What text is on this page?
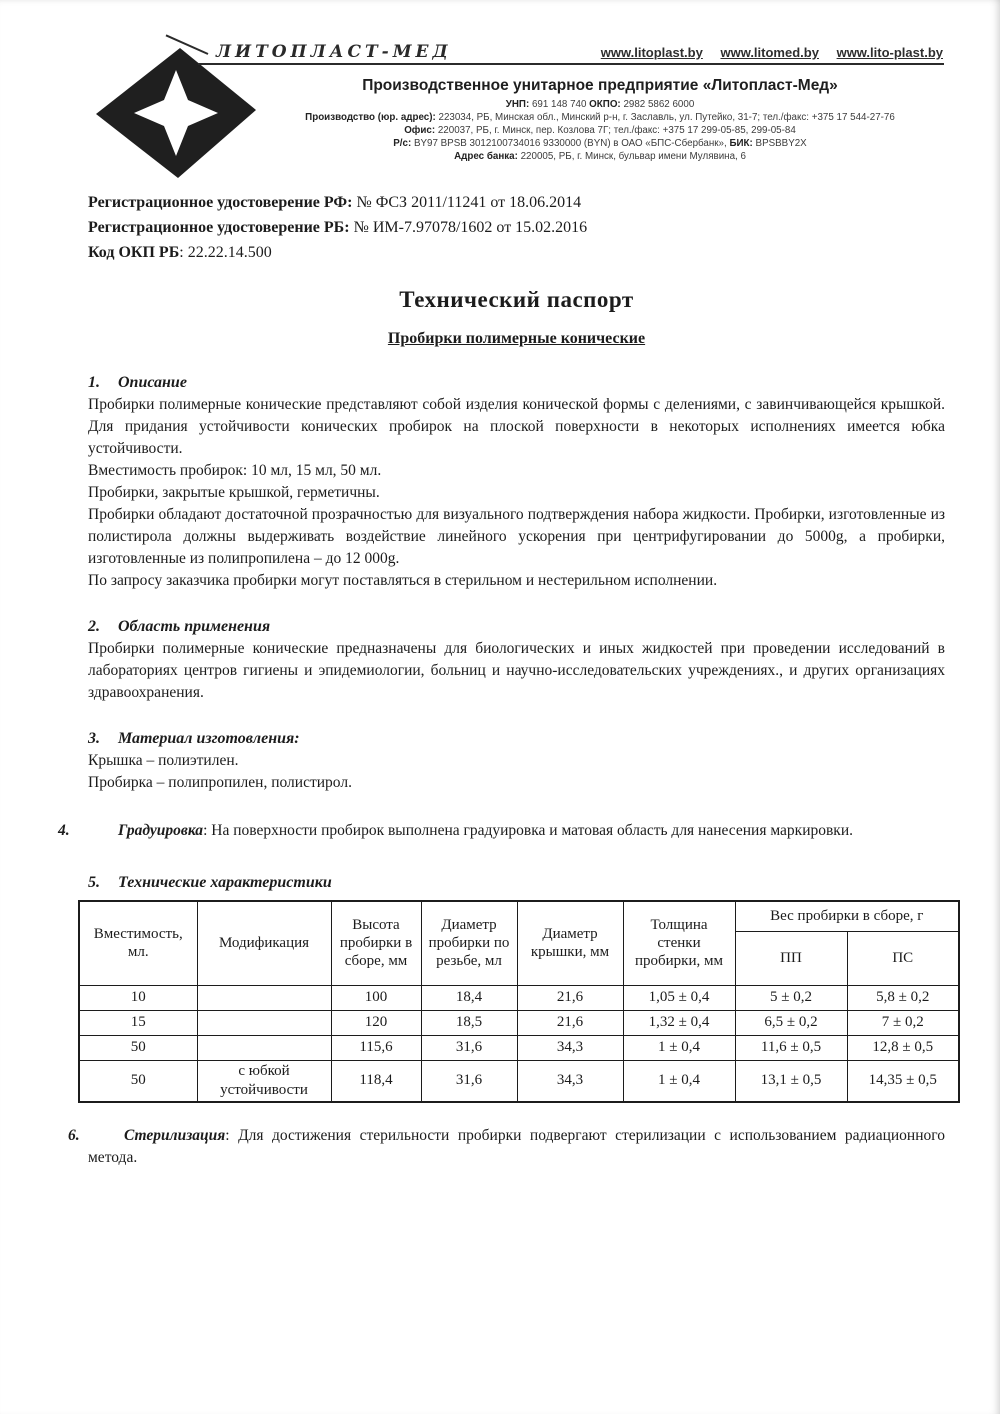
ЛИТОПЛАСТ-МЕД	www.litoplast.by www.litomed.by www.lito-plast.by
Производственное унитарное предприятие «Литопласт-Мед»
УНП: 691 148 740 ОКПО: 2982 5862 6000
Производство (юр. адрес): 223034, РБ, Минская обл., Минский р-н, г. Заславль, ул. Путейко, 31-7; тел./факс: +375 17 544-27-76
Офис: 220037, РБ, г. Минск, пер. Козлова 7Г; тел./факс: +375 17 299-05-85, 299-05-84
Р/с: BY97 BPSB 3012100734016 9330000 (BYN) в ОАО «БПС-Сбербанк», БИК: BPSBBY2X
Адрес банка: 220005, РБ, г. Минск, бульвар имени Мулявина, 6

Регистрационное удостоверение РФ: № ФСЗ 2011/11241 от 18.06.2014

Регистрационное удостоверение РБ: № ИМ-7.97078/1602 от 15.02.2016

Код ОКП РБ: 22.22.14.500

Технический паспорт
Пробирки полимерные конические
1. Описание

Пробирки полимерные конические представляют собой изделия конической формы с делениями, с завинчивающейся крышкой. Для придания устойчивости конических пробирок на плоской поверхности в некоторых исполнениях имеется юбка устойчивости.

Вместимость пробирок: 10 мл, 15 мл, 50 мл.

Пробирки, закрытые крышкой, герметичны.

Пробирки обладают достаточной прозрачностью для визуального подтверждения набора жидкости. Пробирки, изготовленные из полистирола должны выдерживать воздействие линейного ускорения при центрифугировании до 5000g, а пробирки, изготовленные из полипропилена – до 12 000g.

По запросу заказчика пробирки могут поставляться в стерильном и нестерильном исполнении.

2. Область применения

Пробирки полимерные конические предназначены для биологических и иных жидкостей при проведении исследований в лабораториях центров гигиены и эпидемиологии, больниц и научно-исследовательских учреждениях., и других организациях здравоохранения.

3. Материал изготовления:

Крышка – полиэтилен.

Пробирка – полипропилен, полистирол.

4.	Градуировка: На поверхности пробирок выполнена градуировка и матовая область для нанесения маркировки.

5. Технические характеристики
Вместимость, мл.	Модификация	Высота пробирки в сборе, мм	Диаметр пробирки по резьбе, мл	Диаметр крышки, мм	Толщина стенки пробирки, мм	Вес пробирки в сборе, г	
						ПП	ПС
10		100	18,4	21,6	1,05 ± 0,4	5 ± 0,2	5,8 ± 0,2
15		120	18,5	21,6	1,32 ± 0,4	6,5 ± 0,2	7 ± 0,2
50		115,6	31,6	34,3	1 ± 0,4	11,6 ± 0,5	12,8 ± 0,5
50	с юбкой устойчивости	118,4	31,6	34,3	1 ± 0,4	13,1 ± 0,5	14,35 ± 0,5

6.	Стерилизация: Для достижения стерильности пробирки подвергают стерилизации с использованием радиационного метода.
